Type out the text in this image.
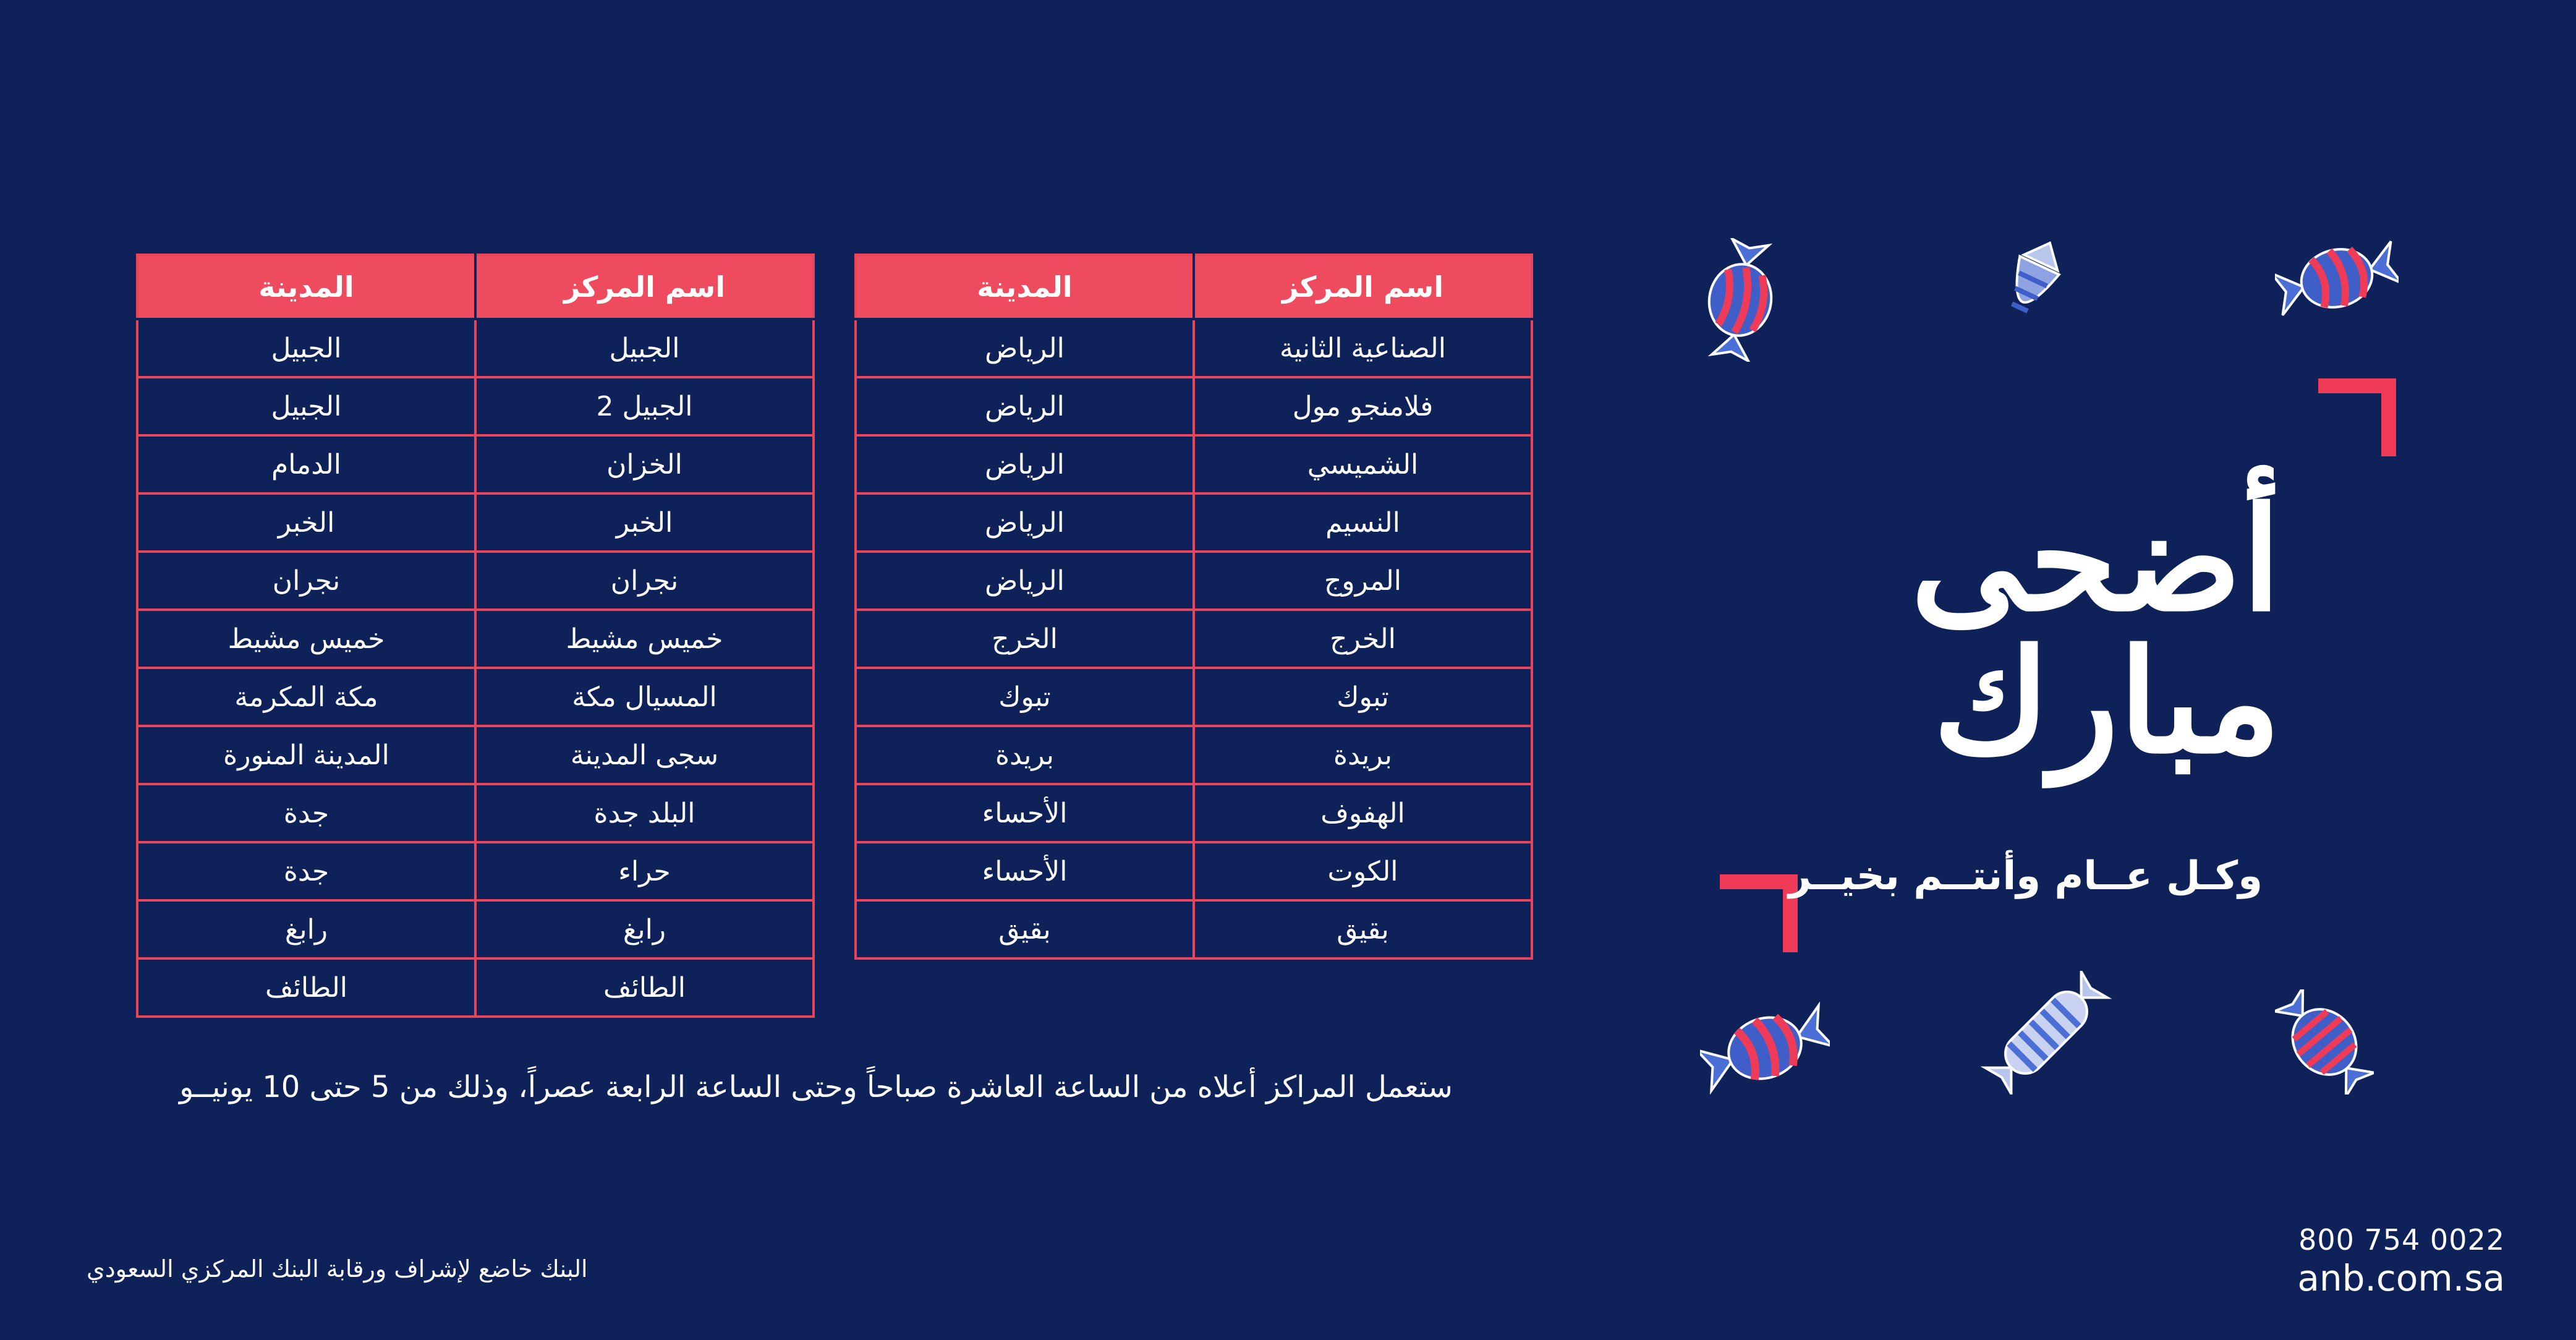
المدينة	اسم المركز
الجبيل	الجبيل
الجبيل	الجبيل 2
الدمام	الخزان
الخبر	الخبر
نجران	نجران
خميس مشيط	خميس مشيط
مكة المكرمة	المسيال مكة
المدينة المنورة	سجى المدينة
جدة	البلد جدة
جدة	حراء
رابغ	رابغ
الطائف	الطائف
المدينة	اسم المركز
الرياض	الصناعية الثانية
الرياض	فلامنجو مول
الرياض	الشميسي
الرياض	النسيم
الرياض	المروج
الخرج	الخرج
تبوك	تبوك
بريدة	بريدة
الأحساء	الهفوف
الأحساء	الكوت
بقيق	بقيق
ستعمل المراكز أعلاه من الساعة العاشرة صباحاً وحتى الساعة الرابعة عصراً، وذلك من 5 حتى 10 يونيــو
البنك خاضع لإشراف ورقابة البنك المركزي السعودي
800 754 0022
anb.com.sa
أضحى مبارك
وكـل عــام وأنتــم بخيــر
